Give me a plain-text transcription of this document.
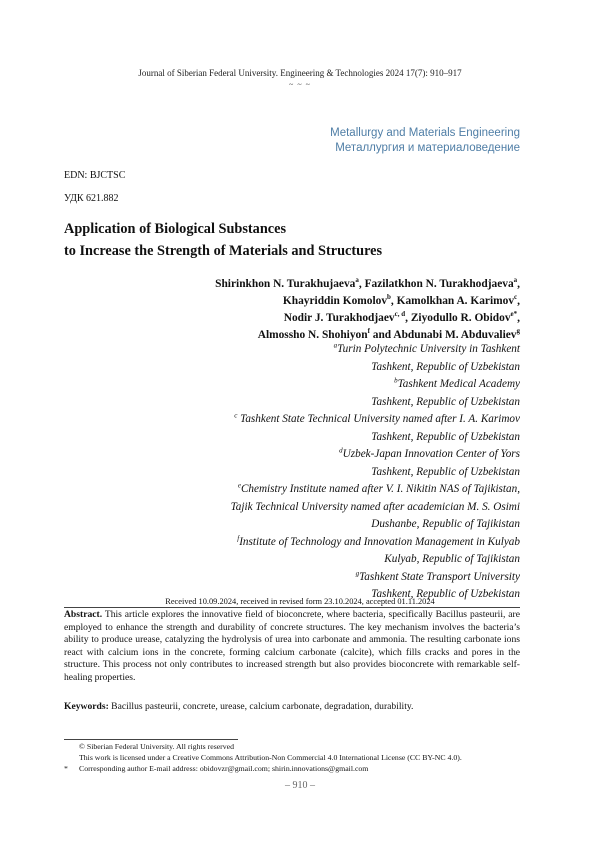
Journal of Siberian Federal University. Engineering & Technologies 2024 17(7): 910–917
~ ~ ~
Metallurgy and Materials Engineering
Металлургия и материаловедение
EDN: BJCTSC
УДК 621.882
Application of Biological Substances
to Increase the Strength of Materials and Structures
Shirinkhon N. Turakhujaeva$^a$, Fazilatkhon N. Turakhodjaeva$^a$,
Khayriddin Komolov$^b$, Kamolkhan A. Karimov$^c$,
Nodir J. Turakhodjaev$^{c, d}$, Ziyodullo R. Obidov$^{e*}$,
Almossho N. Shohiyon$^f$ and Abdunabi M. Abduvaliev$^g$
$^a$Turin Polytechnic University in Tashkent
Tashkent, Republic of Uzbekistan
$^b$Tashkent Medical Academy
Tashkent, Republic of Uzbekistan
$^c$ Tashkent State Technical University named after I. A. Karimov
Tashkent, Republic of Uzbekistan
$^d$Uzbek-Japan Innovation Center of Yors
Tashkent, Republic of Uzbekistan
$^e$Chemistry Institute named after V. I. Nikitin NAS of Tajikistan,
Tajik Technical University named after academician M. S. Osimi
Dushanbe, Republic of Tajikistan
$^f$Institute of Technology and Innovation Management in Kulyab
Kulyab, Republic of Tajikistan
$^g$Tashkent State Transport University
Tashkent, Republic of Uzbekistan
Received 10.09.2024, received in revised form 23.10.2024, accepted 01.11.2024
Abstract. This article explores the innovative field of bioconcrete, where bacteria, specifically Bacillus pasteurii, are employed to enhance the strength and durability of concrete structures. The key mechanism involves the bacteria’s ability to produce urease, catalyzing the hydrolysis of urea into carbonate and ammonia. The resulting carbonate ions react with calcium ions in the concrete, forming calcium carbonate (calcite), which fills cracks and pores in the structure. This process not only contributes to increased strength but also provides bioconcrete with remarkable self-healing properties.
Keywords: Bacillus pasteurii, concrete, urease, calcium carbonate, degradation, durability.
© Siberian Federal University. All rights reserved
This work is licensed under a Creative Commons Attribution-Non Commercial 4.0 International License (CC BY-NC 4.0).
* Corresponding author E-mail address: obidovzr@gmail.com; shirin.innovations@gmail.com
– 910 –
